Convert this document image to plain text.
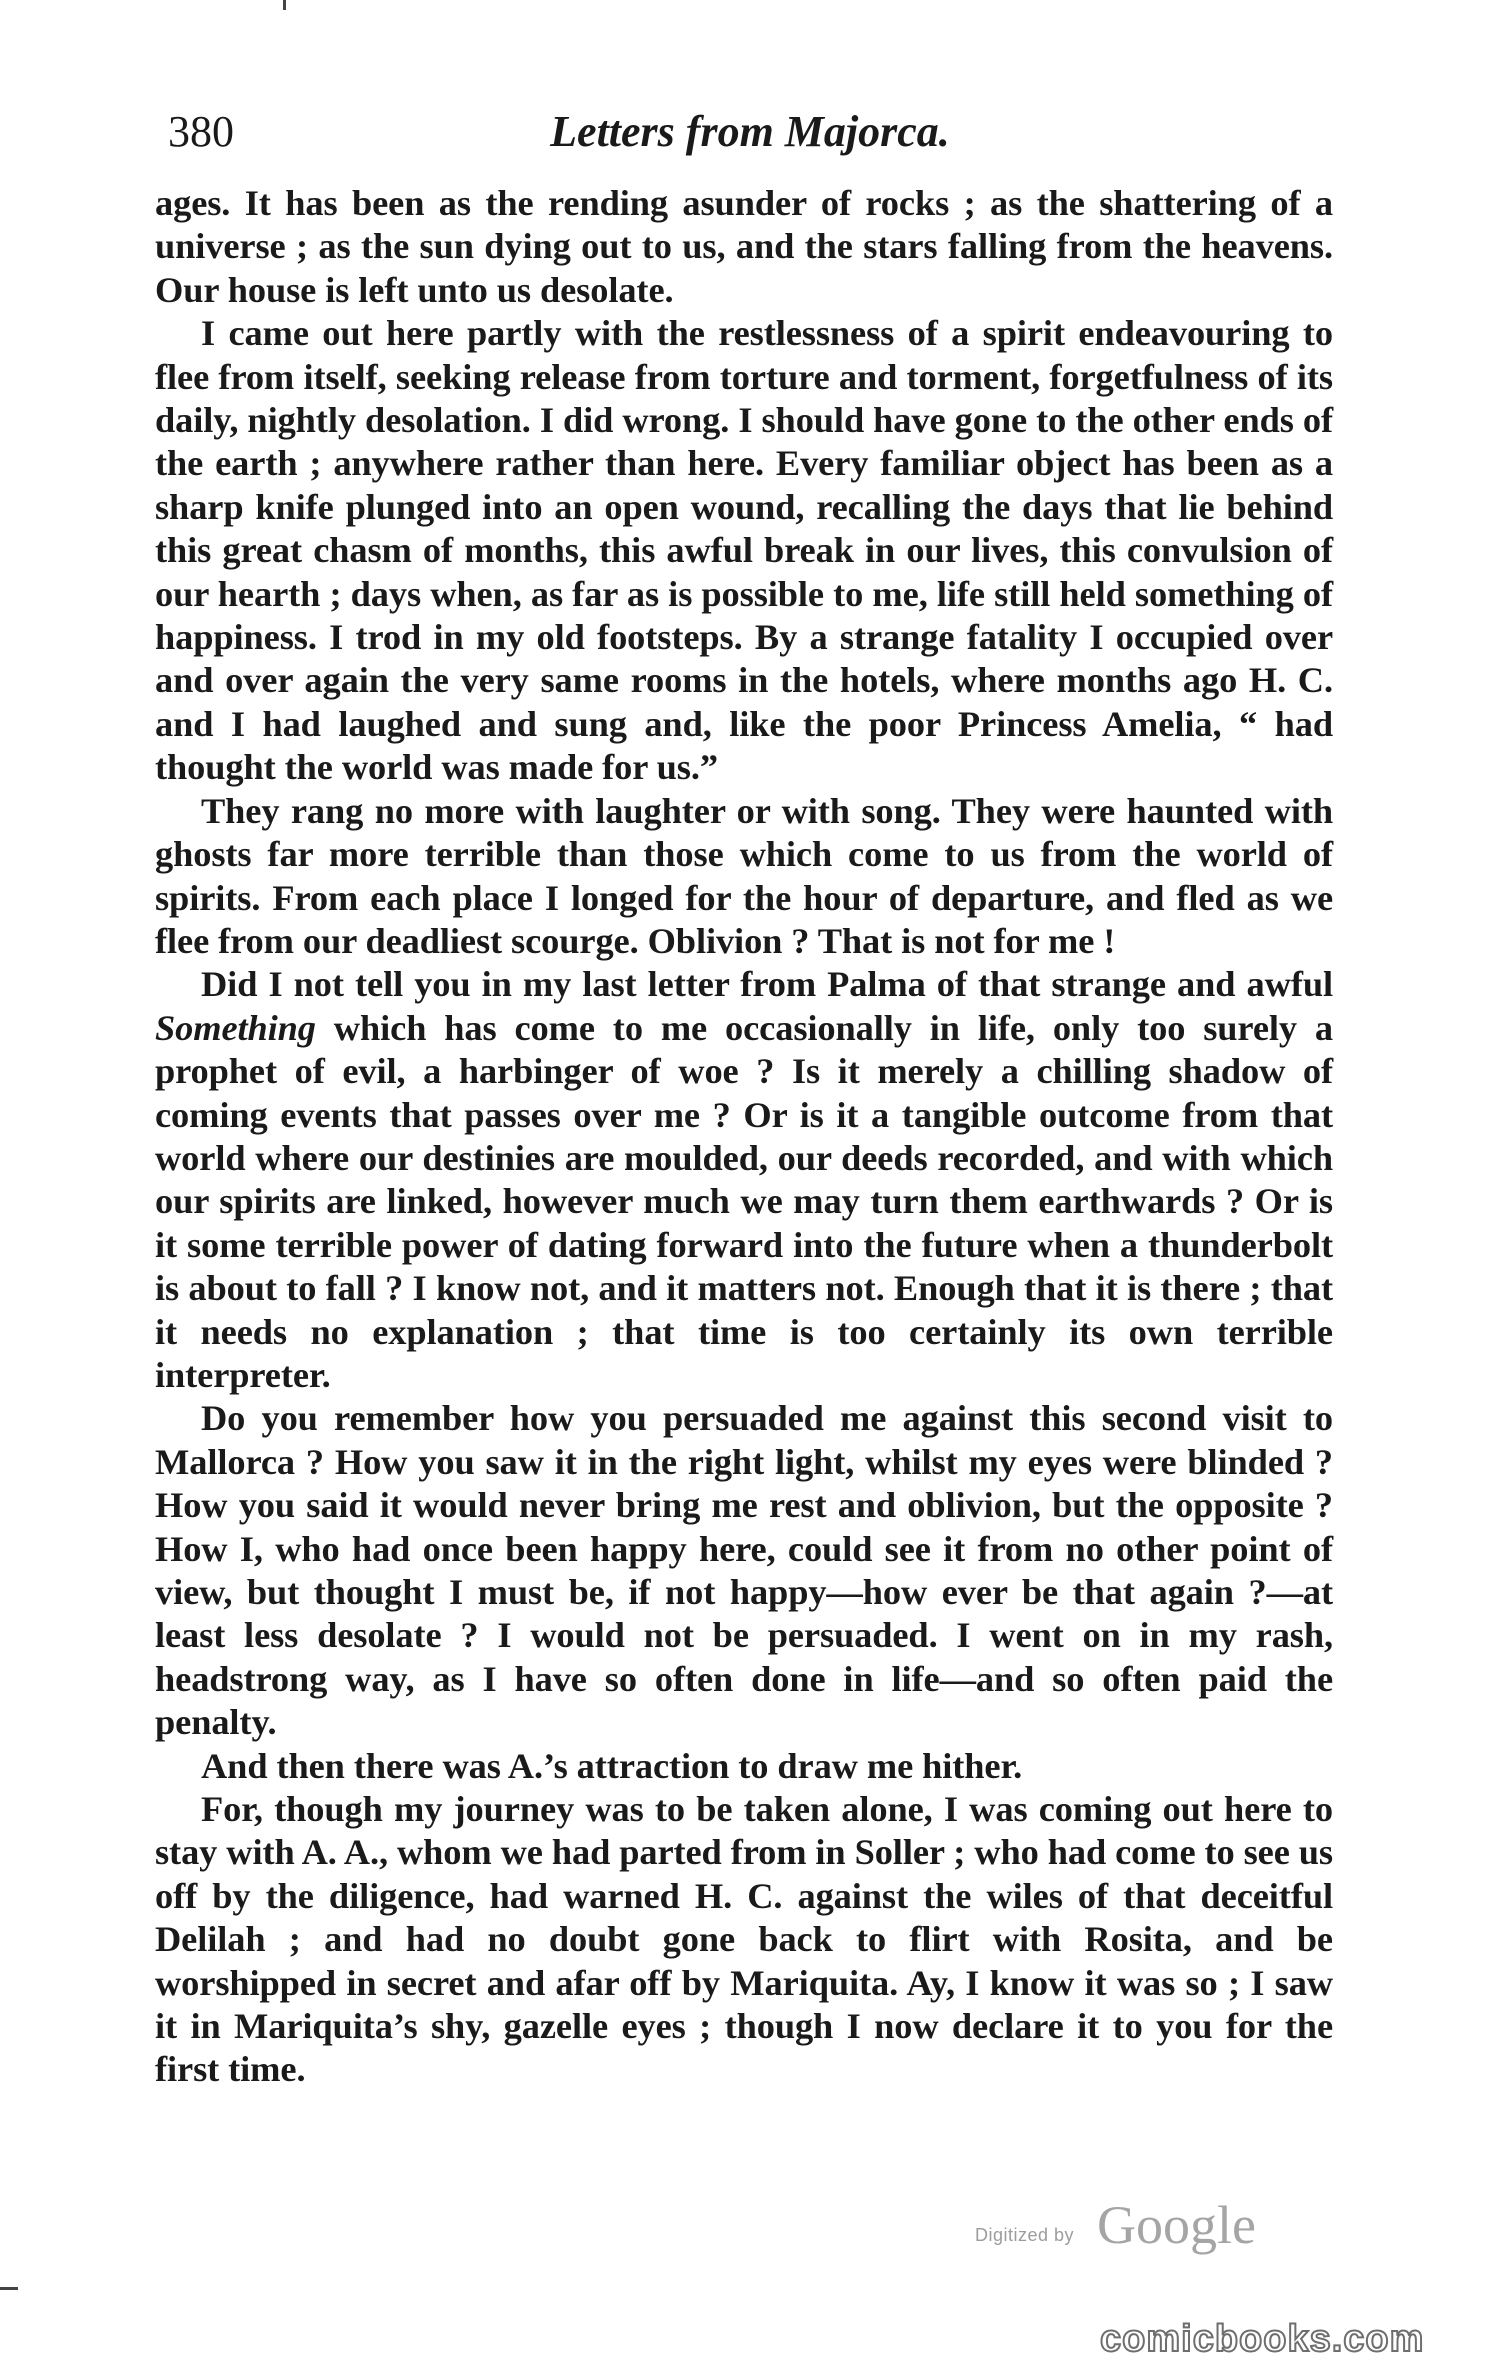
380	Letters from Majorca.

ages. It has been as the rending asunder of rocks ; as the shattering of a universe ; as the sun dying out to us, and the stars falling from the heavens. Our house is left unto us desolate.

I came out here partly with the restlessness of a spirit endeavouring to flee from itself, seeking release from torture and torment, forgetfulness of its daily, nightly desolation. I did wrong. I should have gone to the other ends of the earth ; anywhere rather than here. Every familiar object has been as a sharp knife plunged into an open wound, recalling the days that lie behind this great chasm of months, this awful break in our lives, this convulsion of our hearth ; days when, as far as is possible to me, life still held something of happiness. I trod in my old footsteps. By a strange fatality I occupied over and over again the very same rooms in the hotels, where months ago H. C. and I had laughed and sung and, like the poor Princess Amelia, “ had thought the world was made for us.”

They rang no more with laughter or with song. They were haunted with ghosts far more terrible than those which come to us from the world of spirits. From each place I longed for the hour of departure, and fled as we flee from our deadliest scourge. Oblivion ? That is not for me !

Did I not tell you in my last letter from Palma of that strange and awful Something which has come to me occasionally in life, only too surely a prophet of evil, a harbinger of woe ? Is it merely a chilling shadow of coming events that passes over me ? Or is it a tangible outcome from that world where our destinies are moulded, our deeds recorded, and with which our spirits are linked, however much we may turn them earthwards ? Or is it some terrible power of dating forward into the future when a thunderbolt is about to fall ? I know not, and it matters not. Enough that it is there ; that it needs no explanation ; that time is too certainly its own terrible interpreter.

Do you remember how you persuaded me against this second visit to Mallorca ? How you saw it in the right light, whilst my eyes were blinded ? How you said it would never bring me rest and oblivion, but the opposite ? How I, who had once been happy here, could see it from no other point of view, but thought I must be, if not happy—how ever be that again ?—at least less desolate ? I would not be persuaded. I went on in my rash, headstrong way, as I have so often done in life—and so often paid the penalty.

And then there was A.’s attraction to draw me hither.

For, though my journey was to be taken alone, I was coming out here to stay with A. A., whom we had parted from in Soller ; who had come to see us off by the diligence, had warned H. C. against the wiles of that deceitful Delilah ; and had no doubt gone back to flirt with Rosita, and be worshipped in secret and afar off by Mariquita. Ay, I know it was so ; I saw it in Mariquita’s shy, gazelle eyes ; though I now declare it to you for the first time.

Digitized by Google
comicbooks.com
